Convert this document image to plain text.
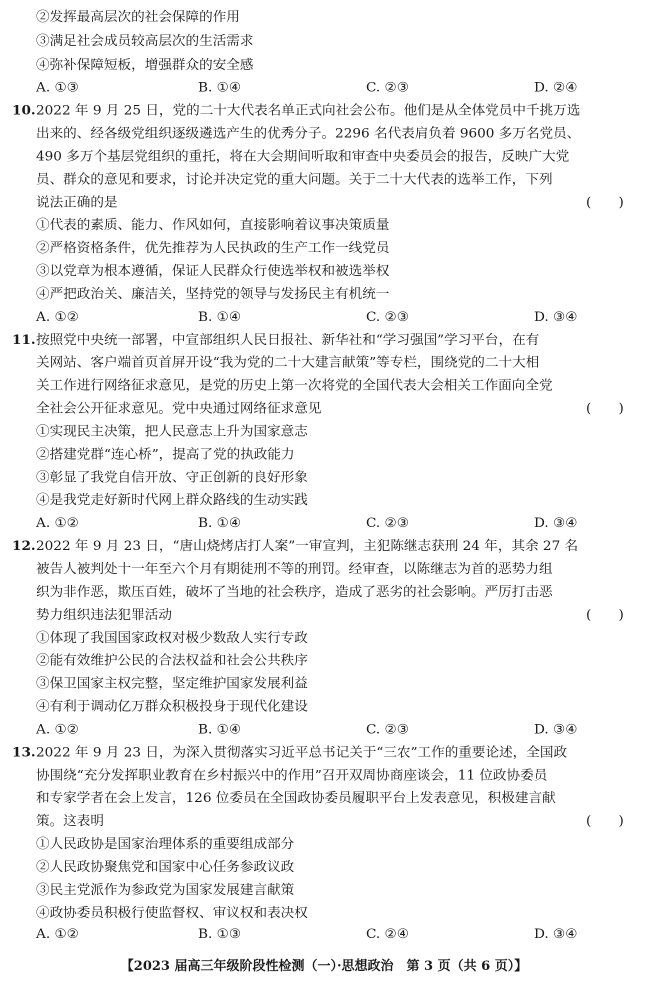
②发挥最高层次的社会保障的作用
③满足社会成员较高层次的生活需求
④弥补保障短板，增强群众的安全感
A. ①③	B. ①④	C. ②③	D. ②④
10. 2022 年 9 月 25 日，党的二十大代表名单正式向社会公布。他们是从全体党员中千挑万选
出来的、经各级党组织逐级遴选产生的优秀分子。2296 名代表肩负着 9600 多万名党员、
490 多万个基层党组织的重托，将在大会期间听取和审查中央委员会的报告，反映广大党
员、群众的意见和要求，讨论并决定党的重大问题。关于二十大代表的选举工作，下列
说法正确的是	(　　)
①代表的素质、能力、作风如何，直接影响着议事决策质量
②严格资格条件，优先推荐为人民执政的生产工作一线党员
③以党章为根本遵循，保证人民群众行使选举权和被选举权
④严把政治关、廉洁关，坚持党的领导与发扬民主有机统一
A. ①②	B. ①④	C. ②③	D. ③④
11. 按照党中央统一部署，中宣部组织人民日报社、新华社和“学习强国”学习平台，在有
关网站、客户端首页首屏开设“我为党的二十大建言献策”等专栏，围绕党的二十大相
关工作进行网络征求意见，是党的历史上第一次将党的全国代表大会相关工作面向全党
全社会公开征求意见。党中央通过网络征求意见	(　　)
①实现民主决策，把人民意志上升为国家意志
②搭建党群“连心桥”，提高了党的执政能力
③彰显了我党自信开放、守正创新的良好形象
④是我党走好新时代网上群众路线的生动实践
A. ①②	B. ①④	C. ②③	D. ③④
12. 2022 年 9 月 23 日，“唐山烧烤店打人案”一审宣判，主犯陈继志获刑 24 年，其余 27 名
被告人被判处十一年至六个月有期徒刑不等的刑罚。经审查，以陈继志为首的恶势力组
织为非作恶，欺压百姓，破坏了当地的社会秩序，造成了恶劣的社会影响。严厉打击恶
势力组织违法犯罪活动	(　　)
①体现了我国国家政权对极少数敌人实行专政
②能有效维护公民的合法权益和社会公共秩序
③保卫国家主权完整，坚定维护国家发展利益
④有利于调动亿万群众积极投身于现代化建设
A. ①②	B. ①④	C. ②③	D. ③④
13. 2022 年 9 月 23 日，为深入贯彻落实习近平总书记关于“三农”工作的重要论述，全国政
协围绕“充分发挥职业教育在乡村振兴中的作用”召开双周协商座谈会，11 位政协委员
和专家学者在会上发言，126 位委员在全国政协委员履职平台上发表意见，积极建言献
策。这表明	(　　)
①人民政协是国家治理体系的重要组成部分
②人民政协聚焦党和国家中心任务参政议政
③民主党派作为参政党为国家发展建言献策
④政协委员积极行使监督权、审议权和表决权
A. ①②	B. ①③	C. ②④	D. ③④
【2023 届高三年级阶段性检测（一）·思想政治　第 3 页（共 6 页）】
